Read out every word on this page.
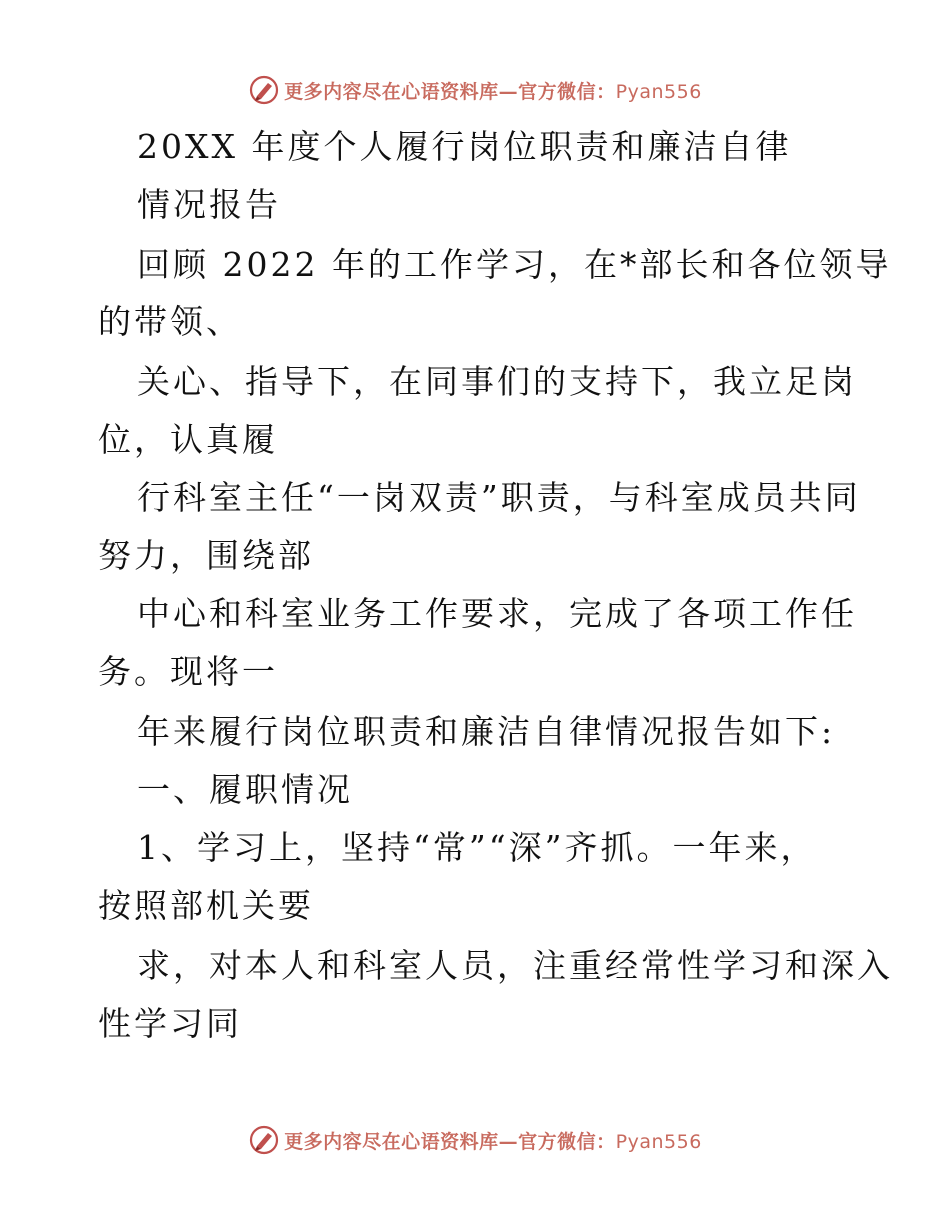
更多内容尽在心语资料库—官方微信：Pyan556
20XX 年度个人履行岗位职责和廉洁自律
情况报告
回顾 2022 年的工作学习，在*部长和各位领导
的带领、
关心、指导下，在同事们的支持下，我立足岗
位，认真履
行科室主任“一岗双责”职责，与科室成员共同
努力，围绕部
中心和科室业务工作要求，完成了各项工作任
务。现将一
年来履行岗位职责和廉洁自律情况报告如下:
一、履职情况
1、学习上，坚持“常”“深”齐抓。一年来，
按照部机关要
求，对本人和科室人员，注重经常性学习和深入
性学习同
更多内容尽在心语资料库—官方微信：Pyan556
